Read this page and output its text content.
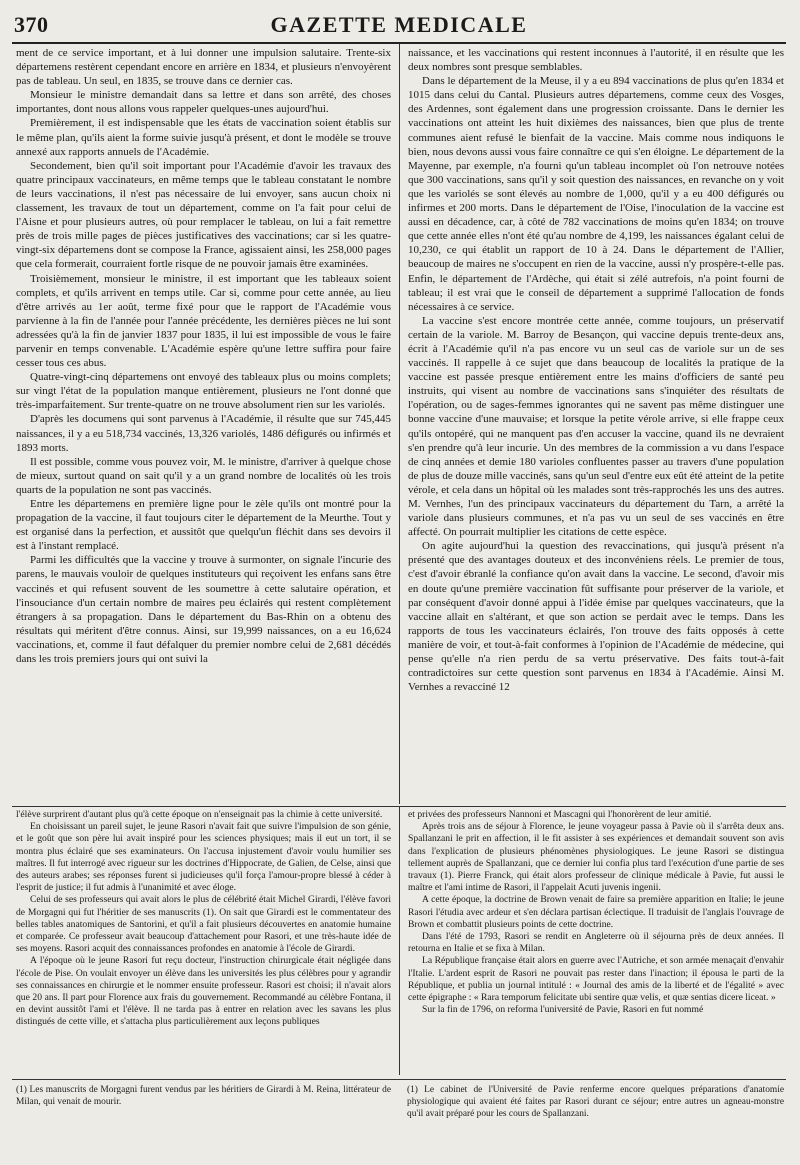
370	GAZETTE MEDICALE

ment de ce service important, et à lui donner une impulsion salutaire. Trente-six départemens restèrent cependant encore en arrière en 1834, et plusieurs n'envoyèrent pas de tableau. Un seul, en 1835, se trouve dans ce dernier cas.

Monsieur le ministre demandait dans sa lettre et dans son arrêté, des choses importantes, dont nous allons vous rappeler quelques-unes aujourd'hui.

Premièrement, il est indispensable que les états de vaccination soient établis sur le même plan, qu'ils aient la forme suivie jusqu'à présent, et dont le modèle se trouve annexé aux rapports annuels de l'Académie.

Secondement, bien qu'il soit important pour l'Académie d'avoir les travaux des quatre principaux vaccinateurs, en même temps que le tableau constatant le nombre de leurs vaccinations, il n'est pas nécessaire de lui envoyer, sans aucun choix ni classement, les travaux de tout un département, comme on l'a fait pour celui de l'Aisne et pour plusieurs autres, où pour remplacer le tableau, on lui a fait remettre près de trois mille pages de pièces justificatives des vaccinations; car si les quatre-vingt-six départemens dont se compose la France, agissaient ainsi, les 258,000 pages que cela formerait, courraient fortle risque de ne pouvoir jamais être examinées.

Troisièmement, monsieur le ministre, il est important que les tableaux soient complets, et qu'ils arrivent en temps utile. Car si, comme pour cette année, au lieu d'être arrivés au 1er août, terme fixé pour que le rapport de l'Académie vous parvienne à la fin de l'année pour l'année précédente, les dernières pièces ne lui sont adressées qu'à la fin de janvier 1837 pour 1835, il lui est impossible de vous le faire parvenir en temps convenable. L'Académie espère qu'une lettre suffira pour faire cesser tous ces abus.

Quatre-vingt-cinq départemens ont envoyé des tableaux plus ou moins complets; sur vingt l'état de la population manque entièrement, plusieurs ne l'ont donné que très-imparfaitement. Sur trente-quatre on ne trouve absolument rien sur les variolés.

D'après les documens qui sont parvenus à l'Académie, il résulte que sur 745,445 naissances, il y a eu 518,734 vaccinés, 13,326 variolés, 1486 défigurés ou infirmés et 1893 morts.

Il est possible, comme vous pouvez voir, M. le ministre, d'arriver à quelque chose de mieux, surtout quand on sait qu'il y a un grand nombre de localités où les trois quarts de la population ne sont pas vaccinés.

Entre les départemens en première ligne pour le zèle qu'ils ont montré pour la propagation de la vaccine, il faut toujours citer le département de la Meurthe. Tout y est organisé dans la perfection, et aussitôt que quelqu'un fléchit dans ses devoirs il est à l'instant remplacé.

Parmi les difficultés que la vaccine y trouve à surmonter, on signale l'incurie des parens, le mauvais vouloir de quelques instituteurs qui reçoivent les enfans sans être vaccinés et qui refusent souvent de les soumettre à cette salutaire opération, et l'insouciance d'un certain nombre de maires peu éclairés qui restent complètement étrangers à sa propagation. Dans le département du Bas-Rhin on a obtenu des résultats qui méritent d'être connus. Ainsi, sur 19,999 naissances, on a eu 16,624 vaccinations, et, comme il faut défalquer du premier nombre celui de 2,681 décédés dans les trois premiers jours qui ont suivi la

naissance, et les vaccinations qui restent inconnues à l'autorité, il en résulte que les deux nombres sont presque semblables.

Dans le département de la Meuse, il y a eu 894 vaccinations de plus qu'en 1834 et 1015 dans celui du Cantal. Plusieurs autres départemens, comme ceux des Vosges, des Ardennes, sont également dans une progression croissante. Dans le dernier les vaccinations ont atteint les huit dixièmes des naissances, bien que plus de trente communes aient refusé le bienfait de la vaccine. Mais comme nous indiquons le bien, nous devons aussi vous faire connaître ce qui s'en éloigne. Le département de la Mayenne, par exemple, n'a fourni qu'un tableau incomplet où l'on netrouve notées que 300 vaccinations, sans qu'il y soit question des naissances, en revanche on y voit que les variolés se sont élevés au nombre de 1,000, qu'il y a eu 400 défigurés ou infirmes et 200 morts. Dans le département de l'Oise, l'inoculation de la vaccine est aussi en décadence, car, à côté de 782 vaccinations de moins qu'en 1834; on trouve que cette année elles n'ont été qu'au nombre de 4,199, les naissances égalant celui de 10,230, ce qui établit un rapport de 10 à 24. Dans le département de l'Allier, beaucoup de maires ne s'occupent en rien de la vaccine, aussi n'y prospère-t-elle pas. Enfin, le département de l'Ardèche, qui était si zélé autrefois, n'a point fourni de tableau; il est vrai que le conseil de département a supprimé l'allocation de fonds nécessaires à ce service.

La vaccine s'est encore montrée cette année, comme toujours, un préservatif certain de la variole. M. Barroy de Besançon, qui vaccine depuis trente-deux ans, écrit à l'Académie qu'il n'a pas encore vu un seul cas de variole sur un de ses vaccinés. Il rappelle à ce sujet que dans beaucoup de localités la pratique de la vaccine est passée presque entièrement entre les mains d'officiers de santé peu instruits, qui visent au nombre de vaccinations sans s'inquiéter des résultats de l'opération, ou de sages-femmes ignorantes qui ne savent pas même distinguer une bonne vaccine d'une mauvaise; et lorsque la petite vérole arrive, si elle frappe ceux qu'ils ontopéré, qui ne manquent pas d'en accuser la vaccine, quand ils ne devraient s'en prendre qu'à leur incurie. Un des membres de la commission a vu dans l'espace de cinq années et demie 180 varioles confluentes passer au travers d'une population de plus de douze mille vaccinés, sans qu'un seul d'entre eux eût été atteint de la petite vérole, et cela dans un hôpital où les malades sont très-rapprochés les uns des autres. M. Vernhes, l'un des principaux vaccinateurs du département du Tarn, a arrêté la variole dans plusieurs communes, et n'a pas vu un seul de ses vaccinés en être affecté. On pourrait multiplier les citations de cette espèce.

On agite aujourd'hui la question des revaccinations, qui jusqu'à présent n'a présenté que des avantages douteux et des inconvéniens réels. Le premier de tous, c'est d'avoir ébranlé la confiance qu'on avait dans la vaccine. Le second, d'avoir mis en doute qu'une première vaccination fût suffisante pour préserver de la variole, et par conséquent d'avoir donné appui à l'idée émise par quelques vaccinateurs, que la vaccine allait en s'altérant, et que son action se perdait avec le temps. Dans les rapports de tous les vaccinateurs éclairés, l'on trouve des faits opposés à cette manière de voir, et tout-à-fait conformes à l'opinion de l'Académie de médecine, qui pense qu'elle n'a rien perdu de sa vertu préservative. Des faits tout-à-fait contradictoires sur cette question sont parvenus en 1834 à l'Académie. Ainsi M. Vernhes a revacciné 12

l'élève surprirent d'autant plus qu'à cette époque on n'enseignait pas la chimie à cette université.

En choisissant un pareil sujet, le jeune Rasori n'avait fait que suivre l'impulsion de son génie, et le goût que son père lui avait inspiré pour les sciences physiques; mais il eut un tort, il se montra plus éclairé que ses examinateurs. On l'accusa injustement d'avoir voulu humilier ses maîtres. Il fut interrogé avec rigueur sur les doctrines d'Hippocrate, de Galien, de Celse, ainsi que des auteurs arabes; ses réponses furent si judicieuses qu'il força l'amour-propre blessé à céder à l'esprit de justice; il fut admis à l'unanimité et avec éloge.

Celui de ses professeurs qui avait alors le plus de célébrité était Michel Girardi, l'élève favori de Morgagni qui fut l'héritier de ses manuscrits (1). On sait que Girardi est le commentateur des belles tables anatomiques de Santorini, et qu'il a fait plusieurs découvertes en anatomie humaine et comparée. Ce professeur avait beaucoup d'attachement pour Rasori, et une très-haute idée de ses moyens. Rasori acquit des connaissances profondes en anatomie à l'école de Girardi.

A l'époque où le jeune Rasori fut reçu docteur, l'instruction chirurgicale était négligée dans l'école de Pise. On voulait envoyer un élève dans les universités les plus célèbres pour y agrandir ses connaissances en chirurgie et le nommer ensuite professeur. Rasori est choisi; il n'avait alors que 20 ans. Il part pour Florence aux frais du gouvernement. Recommandé au célèbre Fontana, il en devint aussitôt l'ami et l'élève. Il ne tarda pas à entrer en relation avec les savans les plus distingués de cette ville, et s'attacha plus particulièrement aux leçons publiques

et privées des professeurs Nannoni et Mascagni qui l'honorèrent de leur amitié.

Après trois ans de séjour à Florence, le jeune voyageur passa à Pavie où il s'arrêta deux ans. Spallanzani le prit en affection, il le fit assister à ses expériences et demandait souvent son avis dans l'explication de plusieurs phénomènes physiologiques. Le jeune Rasori se distingua tellement auprès de Spallanzani, que ce dernier lui confia plus tard l'exécution d'une partie de ses travaux (1). Pierre Franck, qui était alors professeur de clinique médicale à Pavie, fut aussi le maître et l'ami intime de Rasori, il l'appelait Acuti juvenis ingenii.

A cette époque, la doctrine de Brown venait de faire sa première apparition en Italie; le jeune Rasori l'étudia avec ardeur et s'en déclara partisan éclectique. Il traduisit de l'anglais l'ouvrage de Brown et combattit plusieurs points de cette doctrine.

Dans l'été de 1793, Rasori se rendit en Angleterre où il séjourna près de deux années. Il retourna en Italie et se fixa à Milan.

La République française était alors en guerre avec l'Autriche, et son armée menaçait d'envahir l'Italie. L'ardent esprit de Rasori ne pouvait pas rester dans l'inaction; il épousa le parti de la République, et publia un journal intitulé : « Journal des amis de la liberté et de l'égalité » avec cette épigraphe : « Rara temporum felicitate ubi sentire quæ velis, et quæ sentias dicere liceat. »

Sur la fin de 1796, on reforma l'université de Pavie, Rasori en fut nommé

(1) Les manuscrits de Morgagni furent vendus par les héritiers de Girardi à M. Reina, littérateur de Milan, qui venait de mourir.

(1) Le cabinet de l'Université de Pavie renferme encore quelques préparations d'anatomie physiologique qui avaient été faites par Rasori durant ce séjour; entre autres un agneau-monstre qu'il avait préparé pour les cours de Spallanzani.
